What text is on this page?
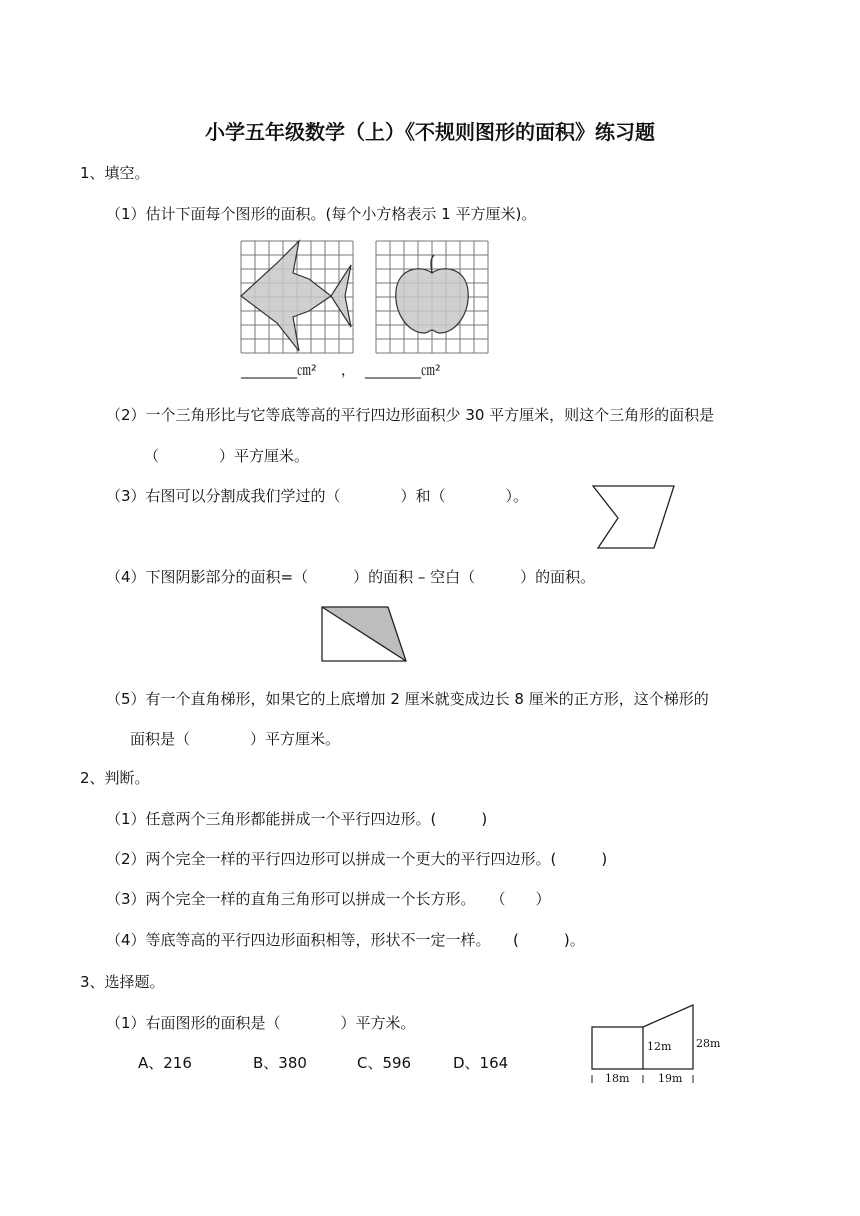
小学五年级数学（上）《不规则图形的面积》练习题
1、填空。
（1）估计下面每个图形的面积。(每个小方格表示 1 平方厘米)。
________㎝² ， ________㎝²
（2）一个三角形比与它等底等高的平行四边形面积少 30 平方厘米，则这个三角形的面积是
（　　　　）平方厘米。
（3）右图可以分割成我们学过的（　　　　）和（　　　　）。
（4）下图阴影部分的面积=（　　　）的面积 – 空白（　　　）的面积。
（5）有一个直角梯形，如果它的上底增加 2 厘米就变成边长 8 厘米的正方形，这个梯形的
面积是（　　　　）平方厘米。
2、判断。
（1）任意两个三角形都能拼成一个平行四边形。(　　　)
（2）两个完全一样的平行四边形可以拼成一个更大的平行四边形。(　　　)
（3）两个完全一样的直角三角形可以拼成一个长方形。　　（　　）
（4）等底等高的平行四边形面积相等，形状不一定一样。　　(　　　)。
3、选择题。
（1）右面图形的面积是（　　　　）平方米。
A、216	B、380	C、596	D、164
12m 28m
18m	19m
